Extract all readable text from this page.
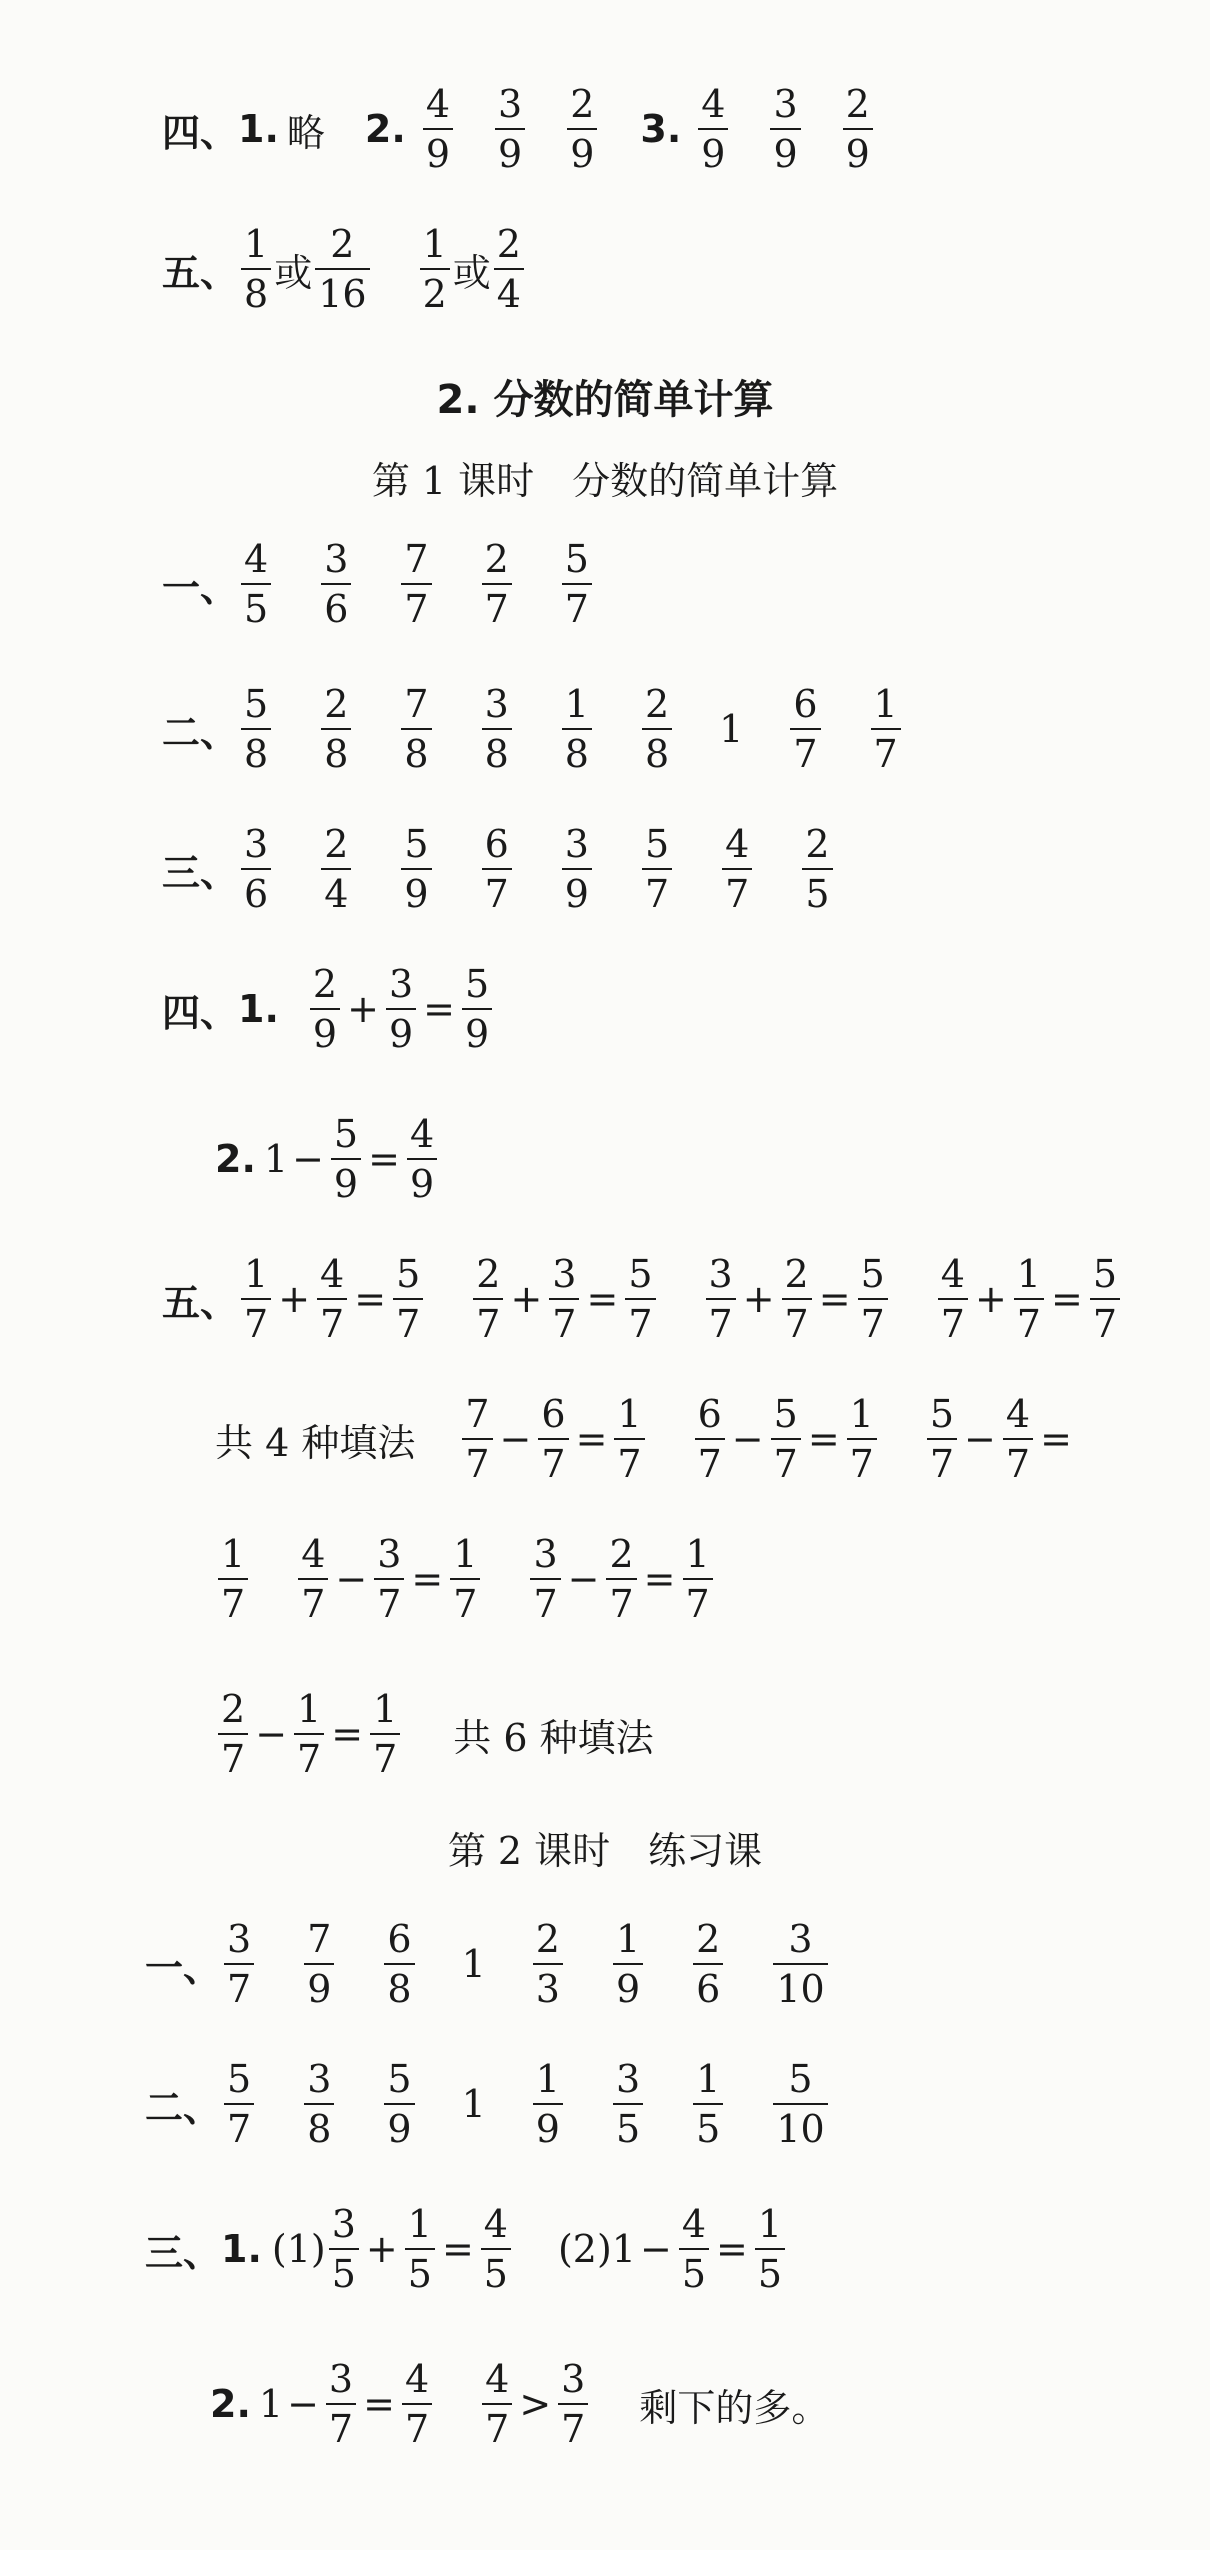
四、 1. 略 2. $\frac{4}{9} \frac{3}{9} \frac{2}{9} 3$. $\frac{4}{9} \frac{3}{9} \frac{2}{9}$
五、 $\frac{1}{8}$ 或 $\frac{2}{16} \frac{1}{2}$ 或 $\frac{2}{4}$
2. 分数的简单计算
第 1 课时　分数的简单计算
一、 $\frac{4}{5} \frac{3}{6} \frac{7}{7} \frac{2}{7} \frac{5}{7}$
二、 $\frac{5}{8} \frac{2}{8} \frac{7}{8} \frac{3}{8} \frac{1}{8} \frac{2}{8} 1 \frac{6}{7} \frac{1}{7}$
三、 $\frac{3}{6} \frac{2}{4} \frac{5}{9} \frac{6}{7} \frac{3}{9} \frac{5}{7} \frac{4}{7} \frac{2}{5}$
四、 1. $\frac{2}{9} + \frac{3}{9} = \frac{5}{9}$
2. $1 - \frac{5}{9} = \frac{4}{9}$
五、 $\frac{1}{7} + \frac{4}{7} = \frac{5}{7} \frac{2}{7} + \frac{3}{7} = \frac{5}{7} \frac{3}{7} + \frac{2}{7} = \frac{5}{7} \frac{4}{7} + \frac{1}{7} = \frac{5}{7}$
共 4 种填法 $\frac{7}{7} - \frac{6}{7} = \frac{1}{7} \frac{6}{7} - \frac{5}{7} = \frac{1}{7} \frac{5}{7} - \frac{4}{7}$ =
$\frac{1}{7} \frac{4}{7} - \frac{3}{7} = \frac{1}{7} \frac{3}{7} - \frac{2}{7} = \frac{1}{7}$
$\frac{2}{7} - \frac{1}{7} = \frac{1}{7}$ 共 6 种填法
第 2 课时　练习课
一、 $\frac{3}{7} \frac{7}{9} \frac{6}{8} 1 \frac{2}{3} \frac{1}{9} \frac{2}{6} \frac{3}{10}$
二、 $\frac{5}{7} \frac{3}{8} \frac{5}{9} 1 \frac{1}{9} \frac{3}{5} \frac{1}{5} \frac{5}{10}$
三、 1. $(1) \frac{3}{5} + \frac{1}{5} = \frac{4}{5} (2)1 - \frac{4}{5} = \frac{1}{5}$
2. $1 - \frac{3}{7} = \frac{4}{7} \frac{4}{7} > \frac{3}{7}$ 剩下的多。
